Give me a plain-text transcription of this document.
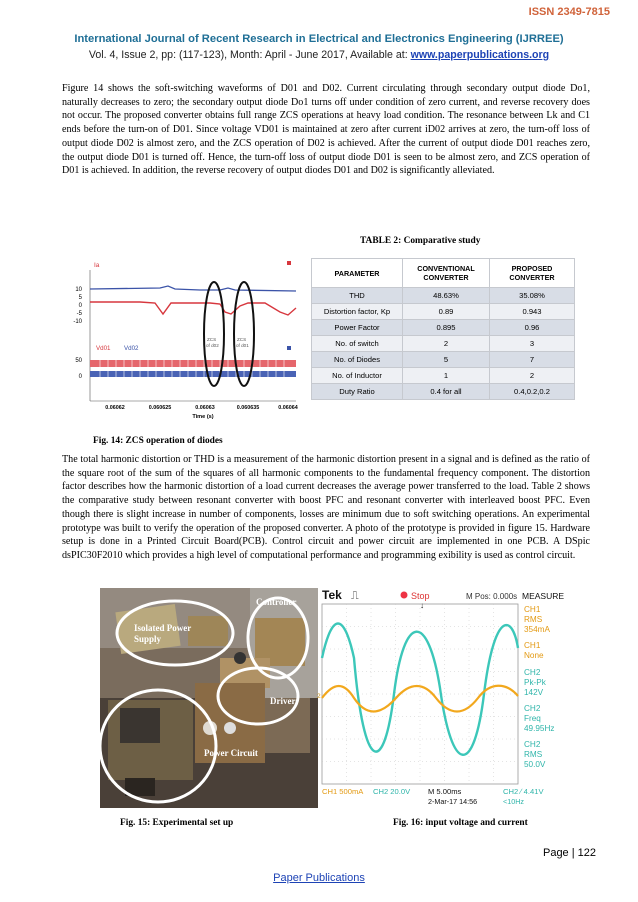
ISSN 2349-7815
International Journal of Recent Research in Electrical and Electronics Engineering (IJRREE)
Vol. 4, Issue 2, pp: (117-123), Month: April - June 2017, Available at: www.paperpublications.org
Figure 14 shows the soft-switching waveforms of D01 and D02. Current circulating through secondary output diode Do1, naturally decreases to zero; the secondary output diode Do1 turns off under condition of zero current, and reverse recovery does not occur. The proposed converter obtains full range ZCS operations at heavy load condition. The resonance between Lk and C1 ends before the turn-on of D01. Since voltage VD01 is maintained at zero after current iD02 arrives at zero, the turn-off loss of output diode D02 is almost zero, and the ZCS operation of D02 is achieved. After the current of output diode D01 reaches zero, the output diode D01 is turned off. Hence, the turn-off loss of output diode D01 is seen to be almost zero, and ZCS operation of D01 is achieved. In addition, the reverse recovery of output diodes D01 and D02 is significantly alleviated.
TABLE 2: Comparative study
Ia
10
5
0
-5
-10
50
0
Vd01 Vd02
ZCS
of d02
ZCS
of d01
0.06062	0.060625	0.06063	0.060635	0.06064
Time (s)
PARAMETER	CONVENTIONAL CONVERTER	PROPOSED CONVERTER
THD	48.63%	35.08%
Distortion factor, Kp	0.89	0.943
Power Factor	0.895	0.96
No. of switch	2	3
No. of Diodes	5	7
No. of Inductor	1	2
Duty Ratio	0.4 for all	0.4,0.2,0.2
Fig. 14: ZCS operation of diodes
The total harmonic distortion or THD is a measurement of the harmonic distortion present in a signal and is defined as the ratio of the square root of the sum of the squares of all harmonic components to the fundamental frequency component. The distortion factor describes how the harmonic distortion of a load current decreases the average power transferred to the load. Table 2 shows the comparative study between resonant converter with boost PFC and resonant converter with interleaved boost PFC. Even though there is slight increase in number of components, losses are minimum due to soft switching operations. An experimental prototype was built to verify the operation of the proposed converter. A photo of the prototype is provided in figure 15. Hardware setup is done in a Printed Circuit Board(PCB). Control circuit and power circuit are implemented in one PCB. A DSpic dsPIC30F2010 which provides a high level of computational performance and programming exibility is used as control circuit.
Controller
Isolated Power
Supply
Driver
Power Circuit
Tek ⎍	Stop	M Pos: 0.000s
↓
MEASURE
2
CH1
RMS
354mA
CH1
None
CH2
Pk-Pk
142V
CH2
Freq
49.95Hz
CH2
RMS
50.0V
CH1 500mA CH2 20.0V M 5.00ms
2-Mar-17 14:56
CH2 ∕ 4.41V
<10Hz
Fig. 15: Experimental set up	Fig. 16: input voltage and current
Page | 122
Paper Publications
